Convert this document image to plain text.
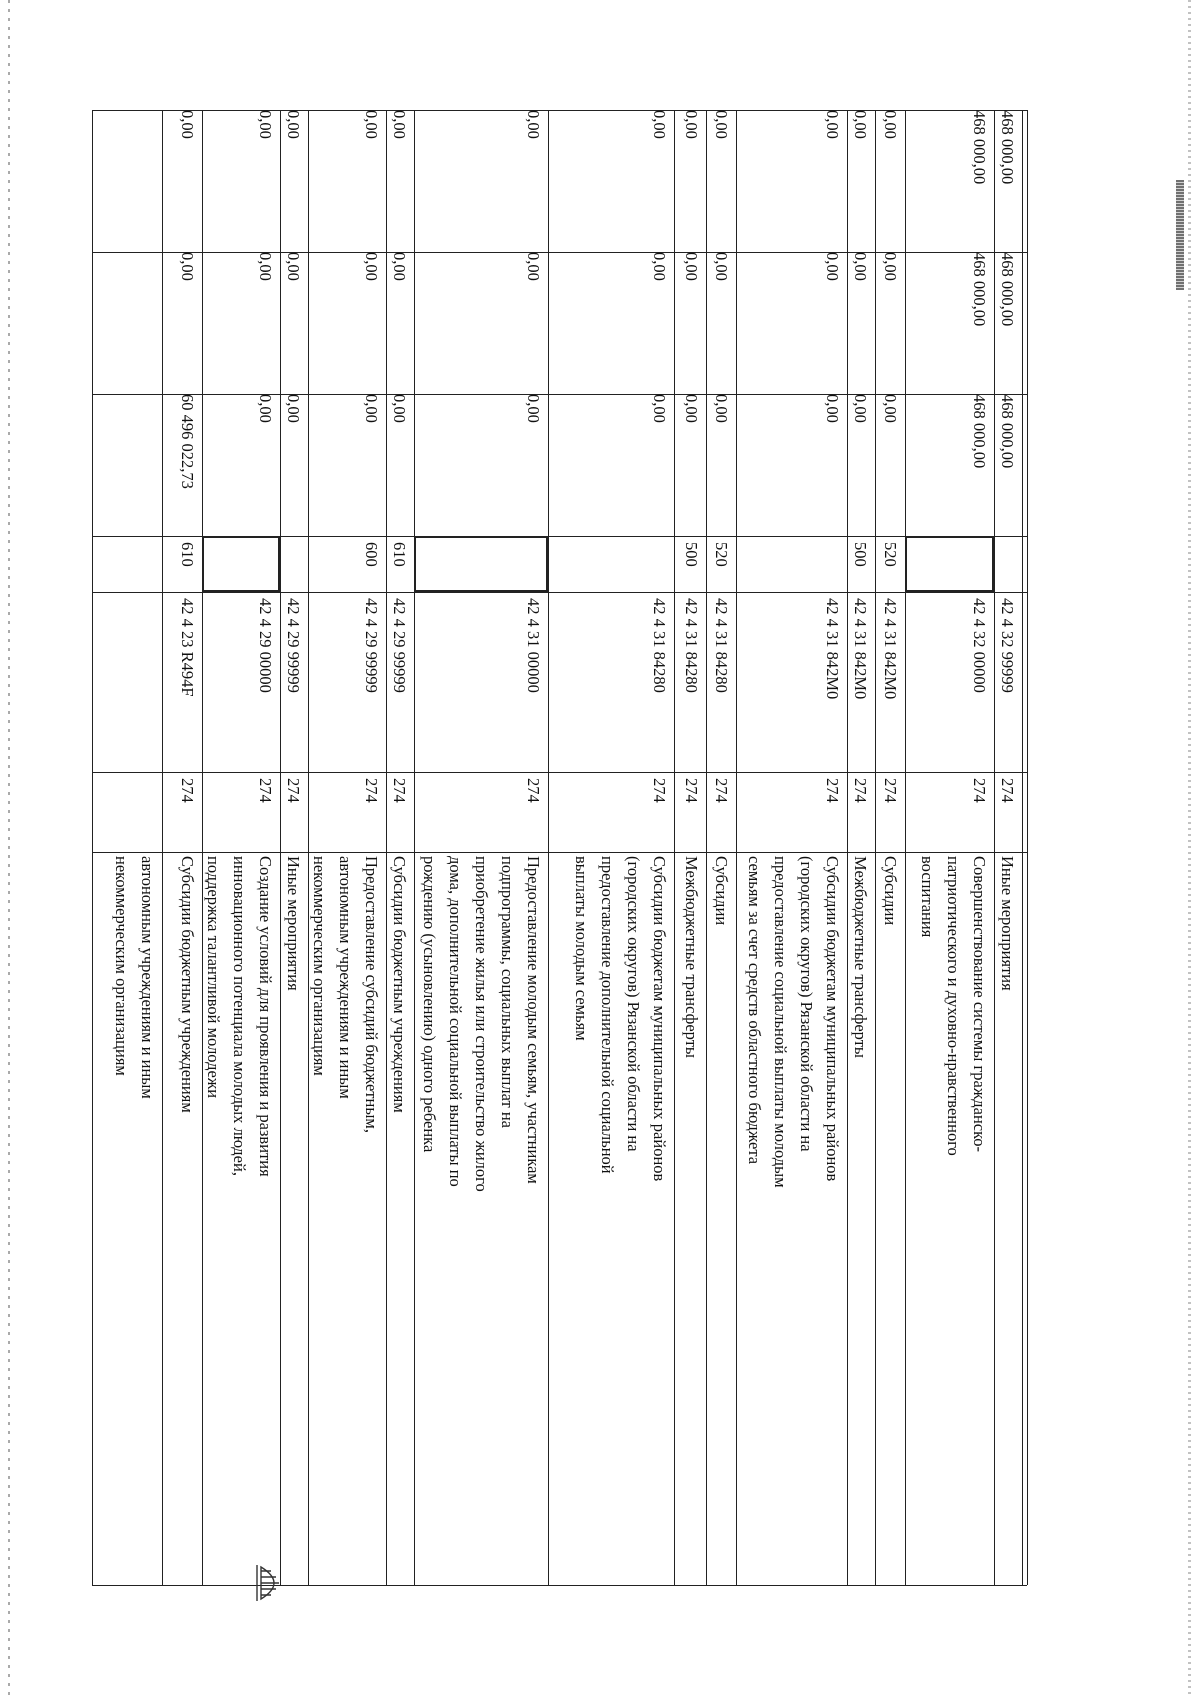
автономным учреждениям и иным
некоммерческим организациям	Субсидии бюджетным учреждениям
274
42 4 23 R494F
610
60 496 022,73
0,00
0,00
Создание условий для проявления и развития
инновационного потенциала молодых людей,
поддержка талантливой молодежи
274
42 4 29 00000
0,00
0,00
0,00
Иные мероприятия
274
42 4 29 99999
0,00
0,00
0,00
Предоставление субсидий бюджетным,
автономным учреждениям и иным
некоммерческим организациям
274
42 4 29 99999
600
0,00
0,00
0,00
Субсидии бюджетным учреждениям
274
42 4 29 99999
610
0,00
0,00
0,00
Предоставление молодым семьям, участникам
подпрограммы, социальных выплат на
приобретение жилья или строительство жилого
дома, дополнительной социальной выплаты по
рождению (усыновлению) одного ребенка
274
42 4 31 00000
0,00
0,00
0,00
Субсидии бюджетам муниципальных районов
(городских округов) Рязанской области на
предоставление дополнительной социальной
выплаты молодым семьям
274
42 4 31 84280
0,00
0,00
0,00
Межбюджетные трансферты
274
42 4 31 84280
500
0,00
0,00
0,00
Субсидии
274
42 4 31 84280
520
0,00
0,00
0,00
Субсидии бюджетам муниципальных районов
(городских округов) Рязанской области на
предоставление социальной выплаты молодым
семьям за счет средств областного бюджета
274
42 4 31 842M0
0,00
0,00
0,00
Межбюджетные трансферты
274
42 4 31 842M0
500
0,00
0,00
0,00
Субсидии
274
42 4 31 842M0
520
0,00
0,00
0,00
Совершенствование системы гражданско-
патриотического и духовно-нравственного
воспитания
274
42 4 32 00000
468 000,00
468 000,00
468 000,00
Иные мероприятия
274
42 4 32 99999
468 000,00
468 000,00
468 000,00
